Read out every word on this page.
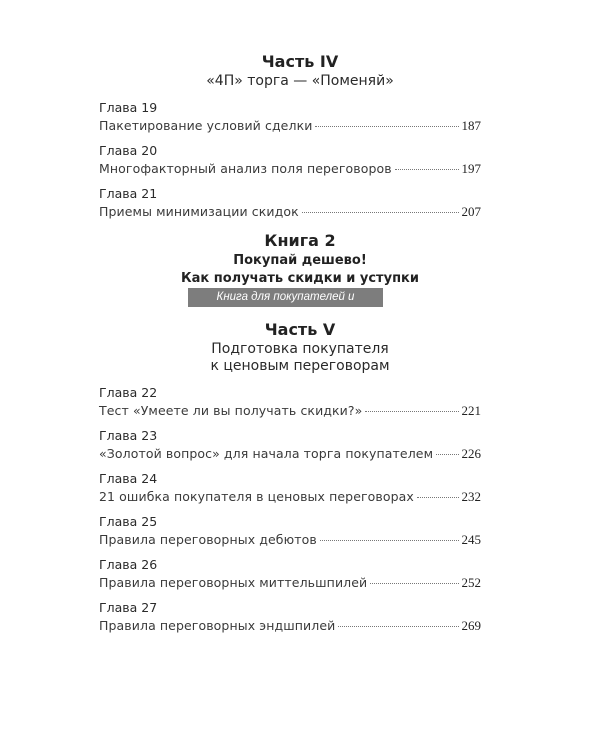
Часть IV
«4П» торга — «Поменяй»
Глава 19
Пакетирование условий сделки	187
Глава 20
Многофакторный анализ поля переговоров	197
Глава 21
Приемы минимизации скидок	207
Книга 2
Покупай дешево!
Как получать скидки и уступки
Книга для покупателей и закупщиков
Часть V
Подготовка покупателя
к ценовым переговорам
Глава 22
Тест «Умеете ли вы получать скидки?»	221
Глава 23
«Золотой вопрос» для начала торга покупателем 226
Глава 24
21 ошибка покупателя в ценовых переговорах	232
Глава 25
Правила переговорных дебютов	245
Глава 26
Правила переговорных миттельшпилей	252
Глава 27
Правила переговорных эндшпилей	269
